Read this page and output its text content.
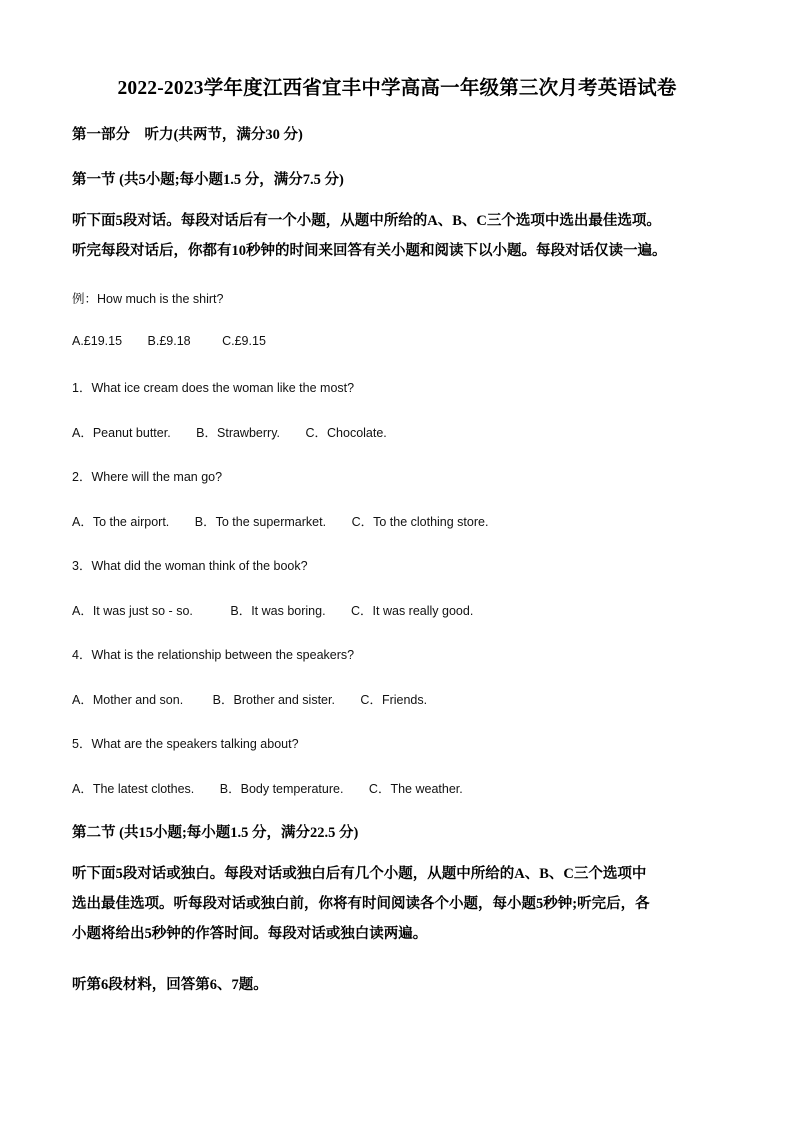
2022-2023学年度江西省宜丰中学高高一年级第三次月考英语试卷
第一部分　听力(共两节，满分30 分)
第一节 (共5小题;每小题1.5 分，满分7.5 分)
听下面5段对话。每段对话后有一个小题，从题中所给的A、B、C三个选项中选出最佳选项。
听完每段对话后，你都有10秒钟的时间来回答有关小题和阅读下以小题。每段对话仅读一遍。
例：How much is the shirt?
A.£19.15 B.£9.18	C.£9.15
1．What ice cream does the woman like the most?
A．Peanut butter. B．Strawberry. C．Chocolate.
2．Where will the man go?
A．To the airport. B．To the supermarket. C．To the clothing store.
3．What did the woman think of the book?
A．It was just so - so.	B．It was boring. C．It was really good.
4．What is the relationship between the speakers?
A．Mother and son. B．Brother and sister. C．Friends.
5．What are the speakers talking about?
A．The latest clothes. B．Body temperature. C．The weather.
第二节 (共15小题;每小题1.5 分，满分22.5 分)
听下面5段对话或独白。每段对话或独白后有几个小题，从题中所给的A、B、C三个选项中
选出最佳选项。听每段对话或独白前，你将有时间阅读各个小题，每小题5秒钟;听完后，各
小题将给出5秒钟的作答时间。每段对话或独白读两遍。
听第6段材料，回答第6、7题。
